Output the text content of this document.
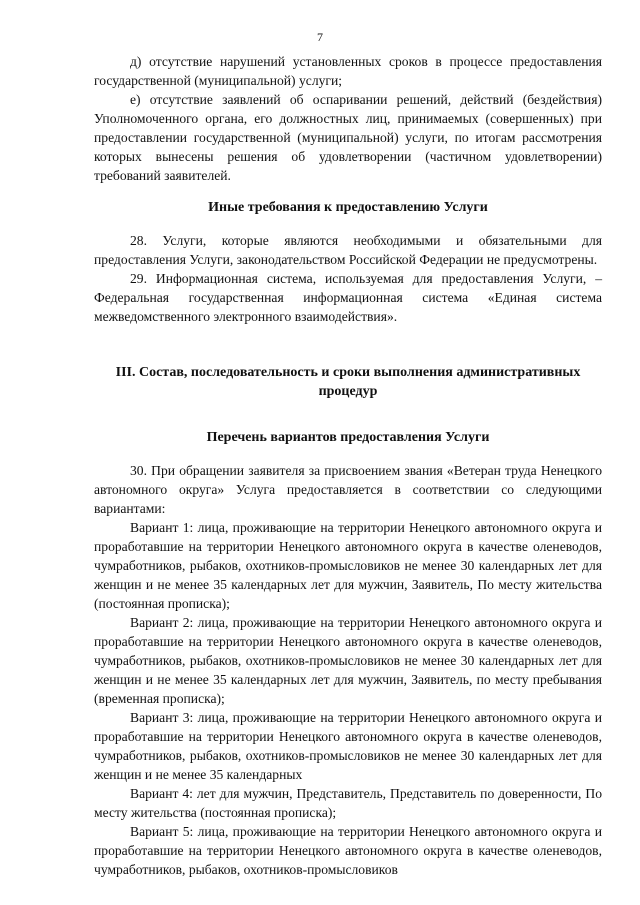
7

д) отсутствие нарушений установленных сроков в процессе предоставления государственной (муниципальной) услуги;

е) отсутствие заявлений об оспаривании решений, действий (бездействия) Уполномоченного органа, его должностных лиц, принимаемых (совершенных) при предоставлении государственной (муниципальной) услуги, по итогам рассмотрения которых вынесены решения об удовлетворении (частичном удовлетворении) требований заявителей.

Иные требования к предоставлению Услуги

28. Услуги, которые являются необходимыми и обязательными для предоставления Услуги, законодательством Российской Федерации не предусмотрены.

29. Информационная система, используемая для предоставления Услуги, – Федеральная государственная информационная система «Единая система межведомственного электронного взаимодействия».

III. Состав, последовательность и сроки выполнения административных процедур
Перечень вариантов предоставления Услуги

30. При обращении заявителя за присвоением звания «Ветеран труда Ненецкого автономного округа» Услуга предоставляется в соответствии со следующими вариантами:

Вариант 1: лица, проживающие на территории Ненецкого автономного округа и проработавшие на территории Ненецкого автономного округа в качестве оленеводов, чумработников, рыбаков, охотников-промысловиков не менее 30 календарных лет для женщин и не менее 35 календарных лет для мужчин, Заявитель, По месту жительства (постоянная прописка);

Вариант 2: лица, проживающие на территории Ненецкого автономного округа и проработавшие на территории Ненецкого автономного округа в качестве оленеводов, чумработников, рыбаков, охотников-промысловиков не менее 30 календарных лет для женщин и не менее 35 календарных лет для мужчин, Заявитель, по месту пребывания (временная прописка);

Вариант 3: лица, проживающие на территории Ненецкого автономного округа и проработавшие на территории Ненецкого автономного округа в качестве оленеводов, чумработников, рыбаков, охотников-промысловиков не менее 30 календарных лет для женщин и не менее 35 календарных

Вариант 4: лет для мужчин, Представитель, Представитель по доверенности, По месту жительства (постоянная прописка);

Вариант 5: лица, проживающие на территории Ненецкого автономного округа и проработавшие на территории Ненецкого автономного округа в качестве оленеводов, чумработников, рыбаков, охотников-промысловиков
